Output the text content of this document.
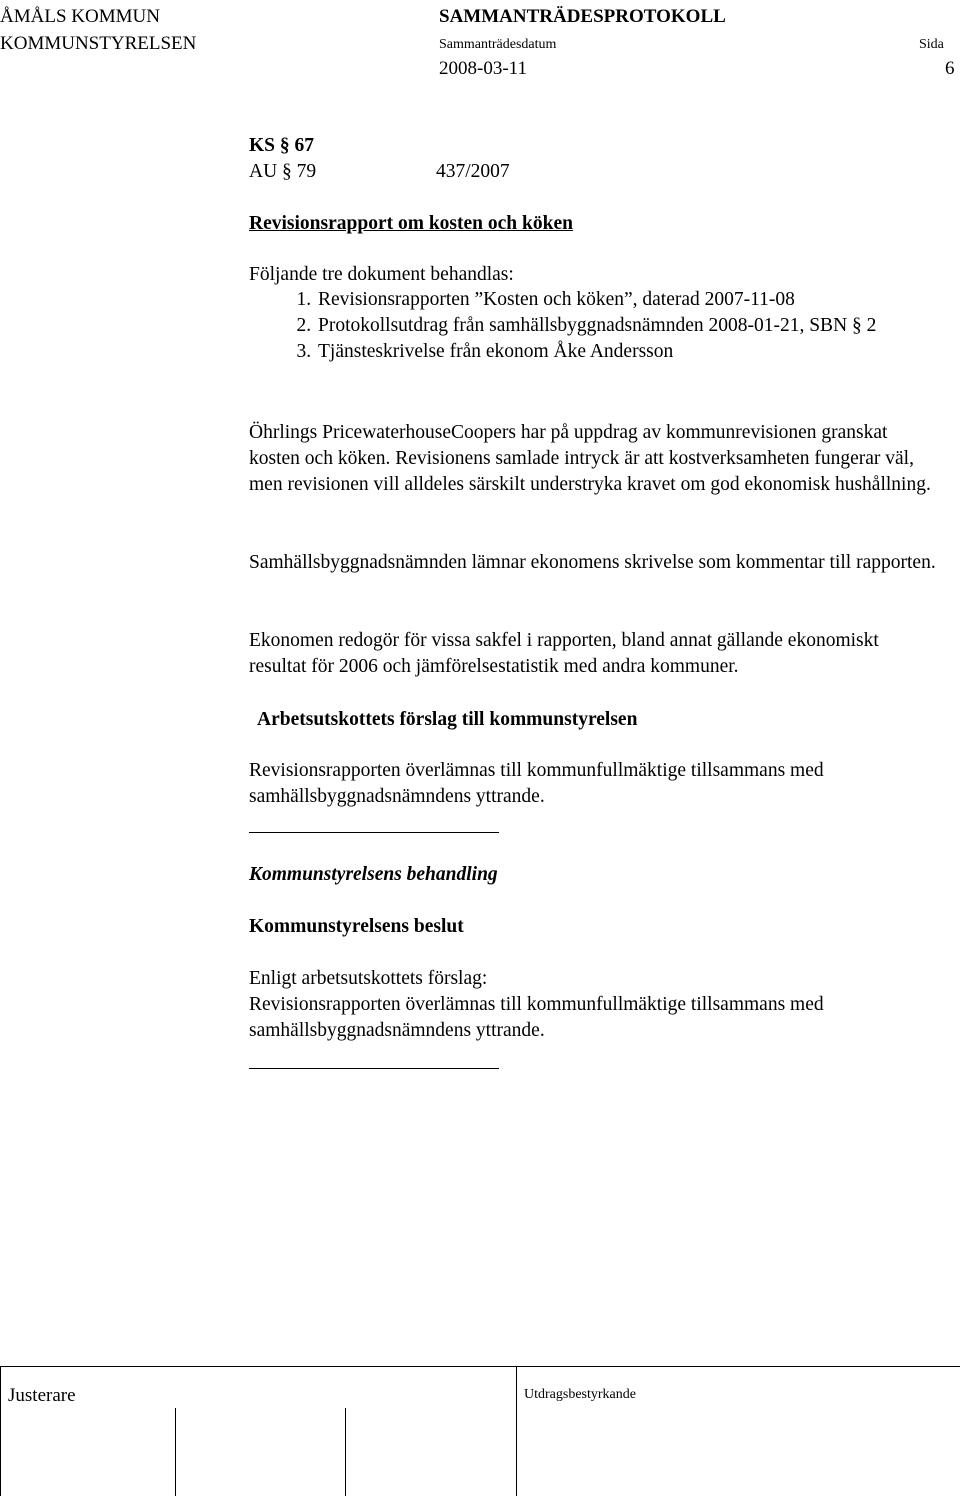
ÅMÅLS KOMMUN
KOMMUNSTYRELSEN
SAMMANTRÄDESPROTOKOLL
Sammanträdesdatum	Sida
2008-03-11	6
KS § 67
AU § 79	437/2007
Revisionsrapport om kosten och köken
Följande tre dokument behandlas:
1. Revisionsrapporten ”Kosten och köken”, daterad 2007-11-08
2. Protokollsutdrag från samhällsbyggnadsnämnden 2008-01-21, SBN § 2
3. Tjänsteskrivelse från ekonom Åke Andersson

Öhrlings PricewaterhouseCoopers har på uppdrag av kommunrevisionen granskat kosten och köken. Revisionens samlade intryck är att kostverksamheten fungerar väl, men revisionen vill alldeles särskilt understryka kravet om god ekonomisk hushållning.

Samhällsbyggnadsnämnden lämnar ekonomens skrivelse som kommentar till rapporten.

Ekonomen redogör för vissa sakfel i rapporten, bland annat gällande ekonomiskt resultat för 2006 och jämförelsestatistik med andra kommuner.

Arbetsutskottets förslag till kommunstyrelsen

Revisionsrapporten överlämnas till kommunfullmäktige tillsammans med samhällsbyggnadsnämndens yttrande.

Kommunstyrelsens behandling
Kommunstyrelsens beslut
Enligt arbetsutskottets förslag:

Revisionsrapporten överlämnas till kommunfullmäktige tillsammans med samhällsbyggnadsnämndens yttrande.

Justerare	Utdragsbestyrkande
